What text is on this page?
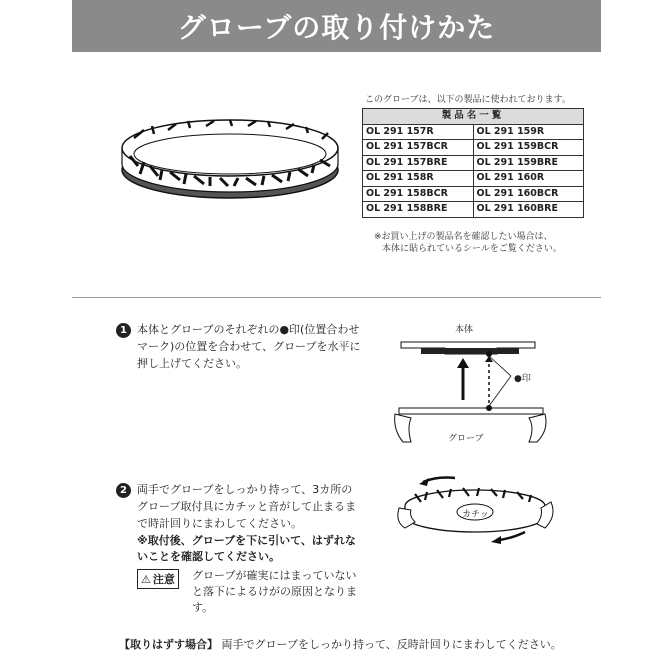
グローブの取り付けかた
このグローブは、以下の製品に使われております。
製品名一覧	
OL 291 157R	OL 291 159R
OL 291 157BCR	OL 291 159BCR
OL 291 157BRE	OL 291 159BRE
OL 291 158R	OL 291 160R
OL 291 158BCR	OL 291 160BCR
OL 291 158BRE	OL 291 160BRE
※お買い上げの製品名を確認したい場合は、
本体に貼られているシールをご覧ください。
1 本体とグローブのそれぞれの●印(位置合わせマーク)の位置を合わせて、グローブを水平に押し上げてください。
本体
●印
グローブ
2 両手でグローブをしっかり持って、3カ所のグローブ取付具にカチッと音がして止まるまで時計回りにまわしてください。
※取付後、グローブを下に引いて、はずれないことを確認してください。
⚠ 注意 グローブが確実にはまっていないと落下によるけがの原因となります。
カチッ
【取りはずす場合】 両手でグローブをしっかり持って、反時計回りにまわしてください。
